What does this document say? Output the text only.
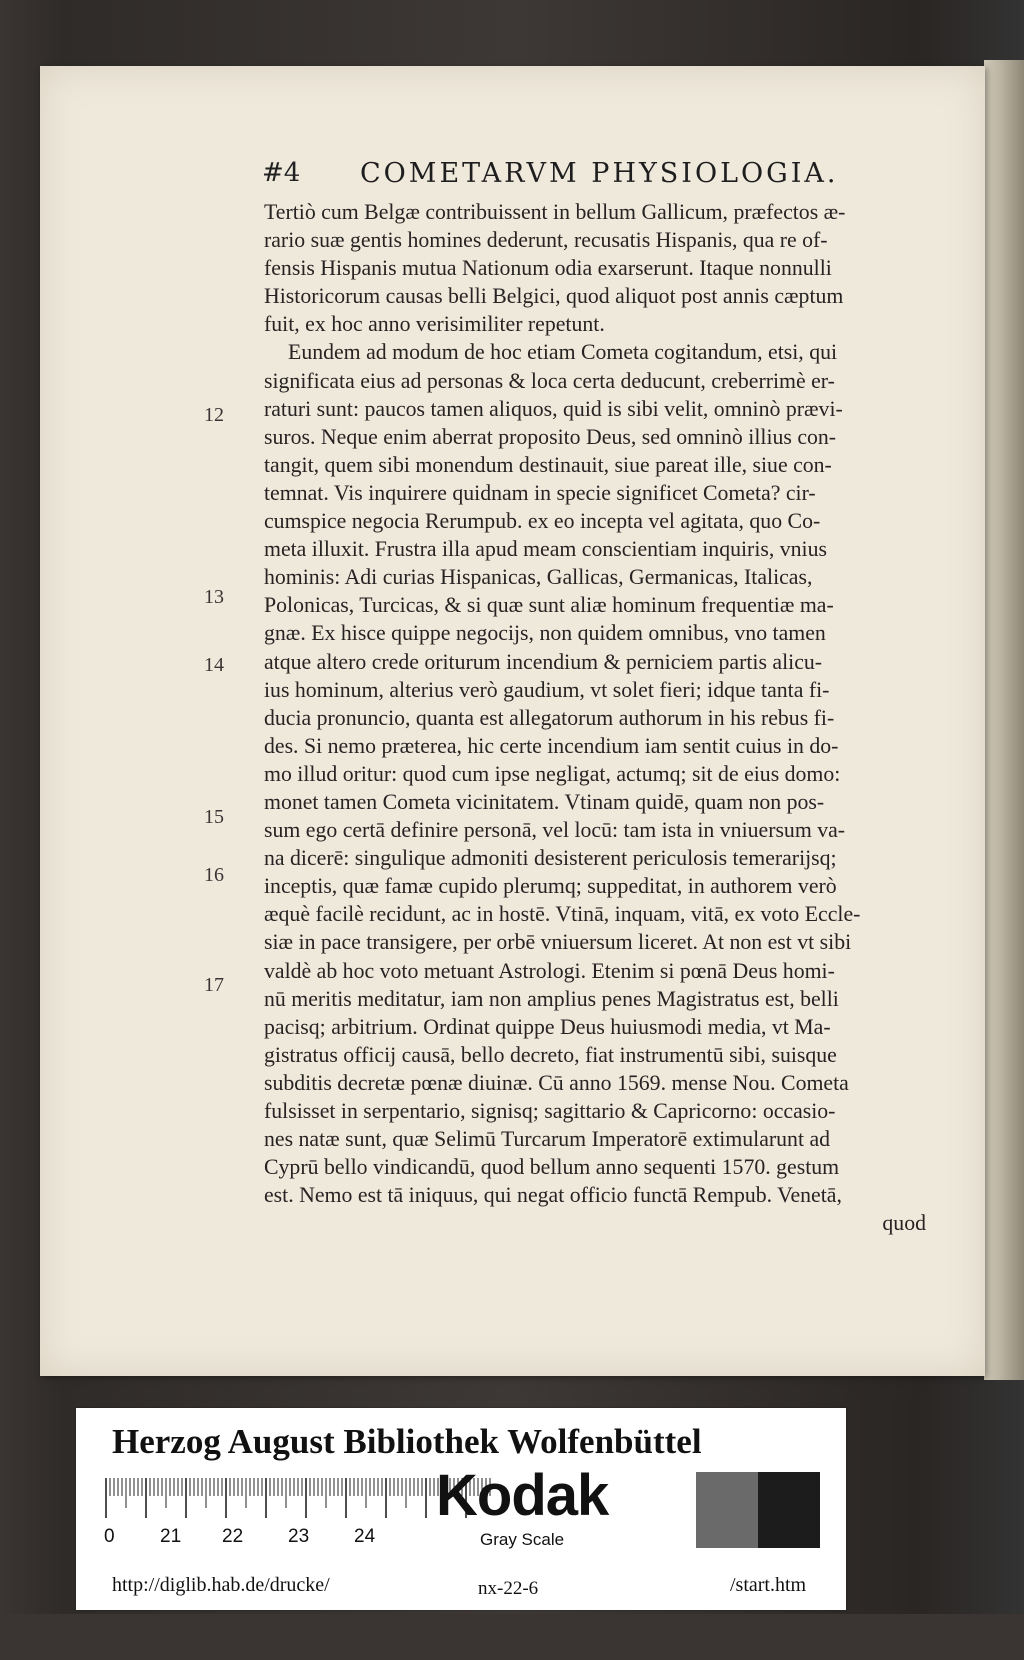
#4 COMETARVM PHYSIOLOGIA.
12
13
14
15
16
17
Tertiò cum Belgæ contribuissent in bellum Gallicum, præfectos æ-
rario suæ gentis homines dederunt, recusatis Hispanis, qua re of-
fensis Hispanis mutua Nationum odia exarserunt. Itaque nonnulli
Historicorum causas belli Belgici, quod aliquot post annis cæptum
fuit, ex hoc anno verisimiliter repetunt.
Eundem ad modum de hoc etiam Cometa cogitandum, etsi, qui
significata eius ad personas & loca certa deducunt, creberrimè er-
raturi sunt: paucos tamen aliquos, quid is sibi velit, omninò prævi-
suros. Neque enim aberrat proposito Deus, sed omninò illius con-
tangit, quem sibi monendum destinauit, siue pareat ille, siue con-
temnat. Vis inquirere quidnam in specie significet Cometa? cir-
cumspice negocia Rerumpub. ex eo incepta vel agitata, quo Co-
meta illuxit. Frustra illa apud meam conscientiam inquiris, vnius
hominis: Adi curias Hispanicas, Gallicas, Germanicas, Italicas,
Polonicas, Turcicas, & si quæ sunt aliæ hominum frequentiæ ma-
gnæ. Ex hisce quippe negocijs, non quidem omnibus, vno tamen
atque altero crede oriturum incendium & perniciem partis alicu-
ius hominum, alterius verò gaudium, vt solet fieri; idque tanta fi-
ducia pronuncio, quanta est allegatorum authorum in his rebus fi-
des. Si nemo præterea, hic certe incendium iam sentit cuius in do-
mo illud oritur: quod cum ipse negligat, actumq; sit de eius domo:
monet tamen Cometa vicinitatem. Vtinam quidē, quam non pos-
sum ego certā definire personā, vel locū: tam ista in vniuersum va-
na dicerē: singulique admoniti desisterent periculosis temerarijsq;
inceptis, quæ famæ cupido plerumq; suppeditat, in authorem verò
æquè facilè recidunt, ac in hostē. Vtinā, inquam, vitā, ex voto Eccle-
siæ in pace transigere, per orbē vniuersum liceret. At non est vt sibi
valdè ab hoc voto metuant Astrologi. Etenim si pœnā Deus homi-
nū meritis meditatur, iam non amplius penes Magistratus est, belli
pacisq; arbitrium. Ordinat quippe Deus huiusmodi media, vt Ma-
gistratus officij causā, bello decreto, fiat instrumentū sibi, suisque
subditis decretæ pœnæ diuinæ. Cū anno 1569. mense Nou. Cometa
fulsisset in serpentario, signisq; sagittario & Capricorno: occasio-
nes natæ sunt, quæ Selimū Turcarum Imperatorē extimularunt ad
Cyprū bello vindicandū, quod bellum anno sequenti 1570. gestum
est. Nemo est tā iniquus, qui negat officio functā Rempub. Venetā,
quod
Herzog August Bibliothek Wolfenbüttel
0 21 22 23 24
Kodak
Gray Scale
http://diglib.hab.de/drucke/	nx-22-6	/start.htm
